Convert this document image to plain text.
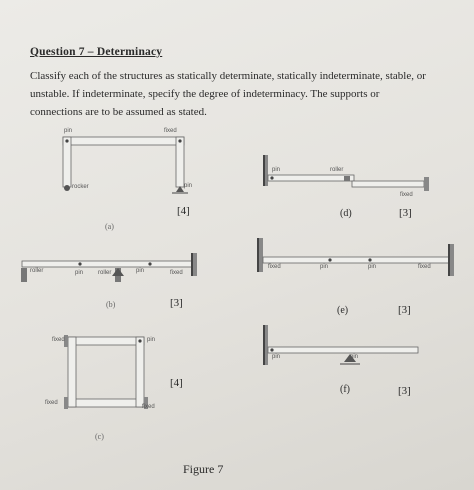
Question 7 – Determinacy
Classify each of the structures as statically determinate, statically indeterminate, stable, or
unstable. If indeterminate, specify the degree of indeterminacy. The supports or
connections are to be assumed as stated.
pin	fixed
rocker	pin
(a)
[4]
roller	pin roller	pin	fixed
(b)	[3]
fixed	pin
fixed
fixed
(c)
[4]
pin	roller
fixed
(d)	[3]
fixed	pin	pin	fixed
(e)	[3]
pin	pin
(f)	[3]
Figure 7
